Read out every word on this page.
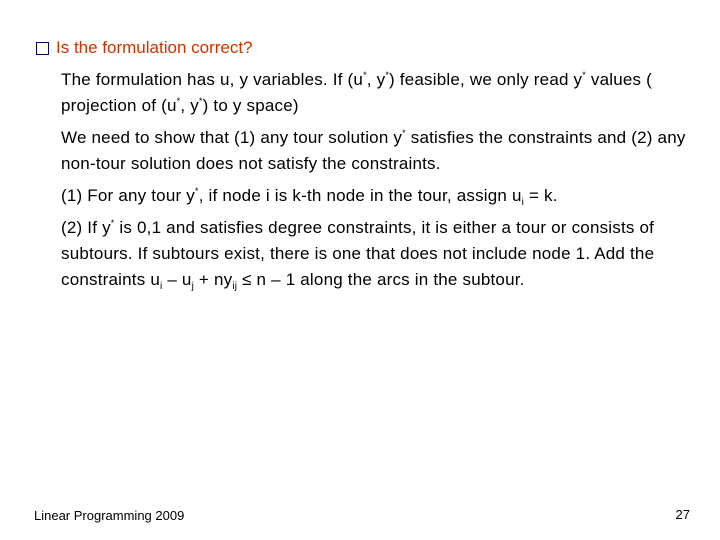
Is the formulation correct?
The formulation has u, y variables. If (u*, y*) feasible, we only read y* values ( projection of (u*, y*) to y space)
We need to show that (1) any tour solution y* satisfies the constraints and (2) any non-tour solution does not satisfy the constraints.
(1) For any tour y*, if node i is k-th node in the tour, assign $u_i = k$.
(2) If y* is 0,1 and satisfies degree constraints, it is either a tour or consists of subtours. If subtours exist, there is one that does not include node 1. Add the constraints $u_i - u_j + ny_{ij} \le n - 1$ along the arcs in the subtour.
Linear Programming 2009	27
